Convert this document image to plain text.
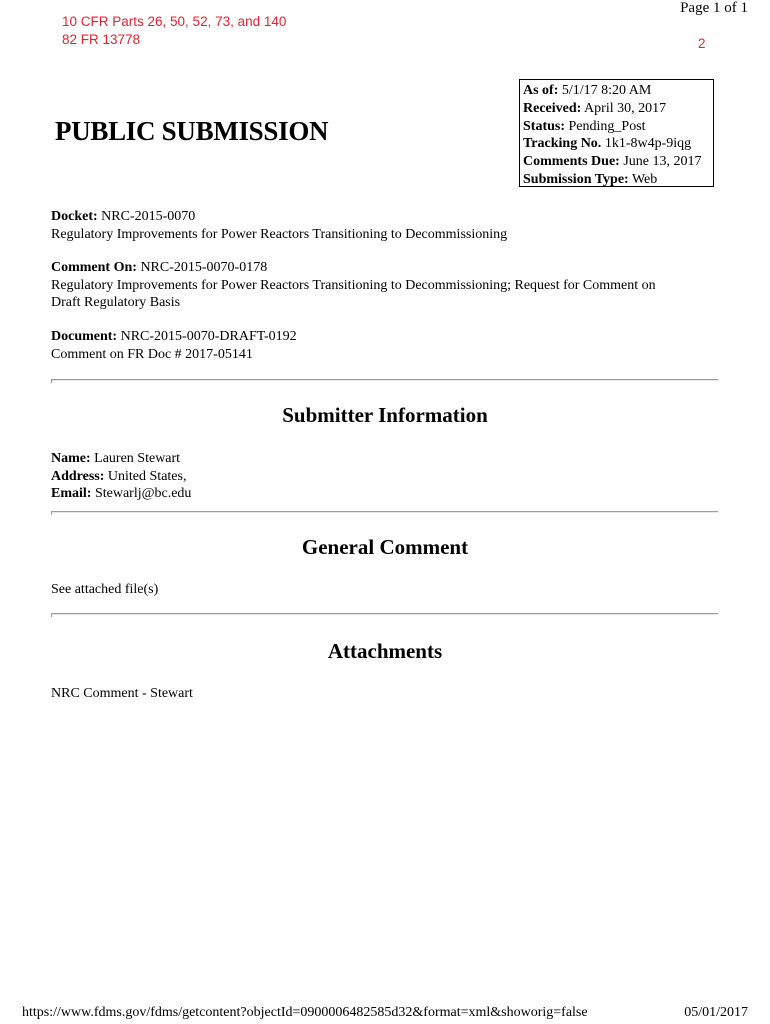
Page 1 of 1
10 CFR Parts 26, 50, 52, 73, and 140
82 FR 13778	2
PUBLIC SUBMISSION
As of: 5/1/17 8:20 AM
Received: April 30, 2017
Status: Pending_Post
Tracking No. 1k1-8w4p-9iqg
Comments Due: June 13, 2017
Submission Type: Web
Docket: NRC-2015-0070
Regulatory Improvements for Power Reactors Transitioning to Decommissioning
Comment On: NRC-2015-0070-0178
Regulatory Improvements for Power Reactors Transitioning to Decommissioning; Request for Comment on
Draft Regulatory Basis
Document: NRC-2015-0070-DRAFT-0192
Comment on FR Doc # 2017-05141
Submitter Information
Name: Lauren Stewart
Address: United States,
Email: Stewarlj@bc.edu
General Comment
See attached file(s)
Attachments
NRC Comment - Stewart
https://www.fdms.gov/fdms/getcontent?objectId=0900006482585d32&format=xml&showorig=false	05/01/2017
